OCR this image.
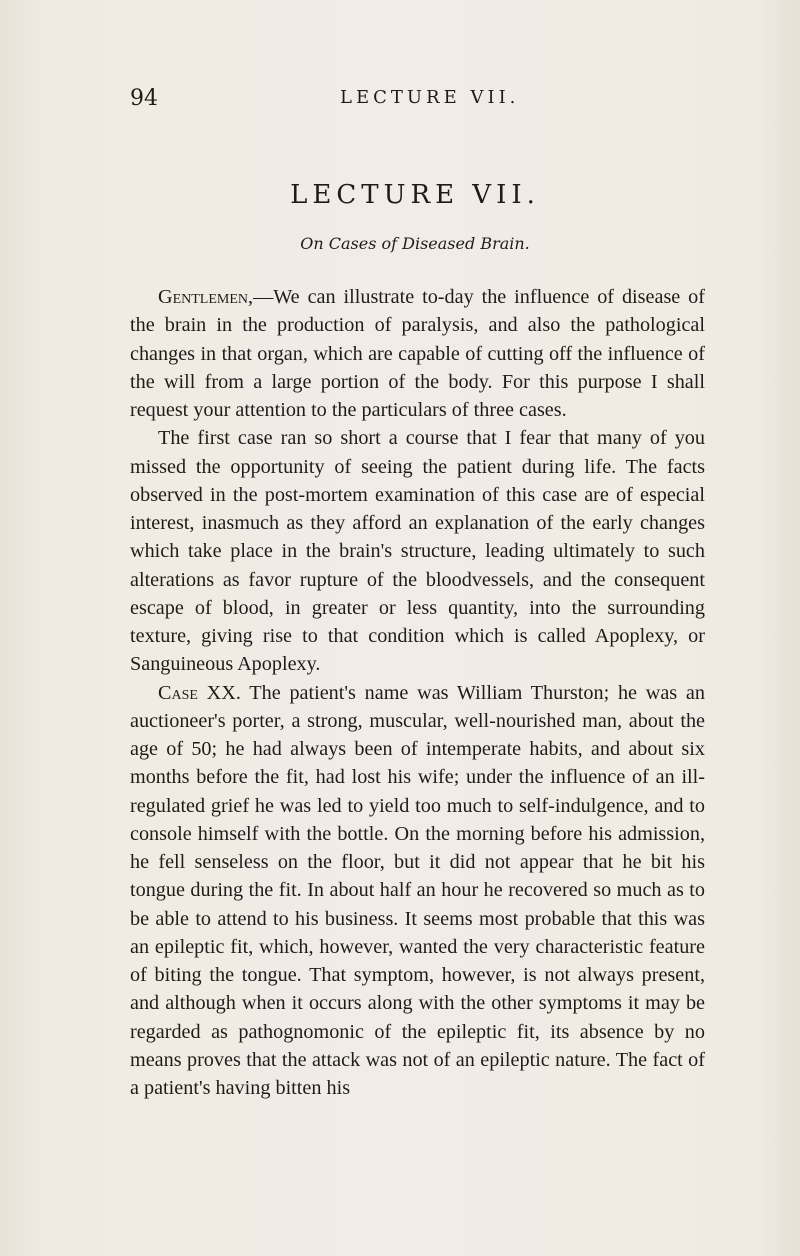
94	LECTURE VII.
LECTURE VII.
On Cases of Diseased Brain.

Gentlemen,—We can illustrate to-day the influence of disease of the brain in the production of paralysis, and also the pathological changes in that organ, which are capable of cutting off the influence of the will from a large portion of the body. For this purpose I shall request your attention to the particulars of three cases.

The first case ran so short a course that I fear that many of you missed the opportunity of seeing the patient during life. The facts observed in the post-mortem examination of this case are of especial interest, inasmuch as they afford an explanation of the early changes which take place in the brain's structure, leading ultimately to such alterations as favor rupture of the bloodvessels, and the consequent escape of blood, in greater or less quantity, into the surrounding texture, giving rise to that condition which is called Apoplexy, or Sanguineous Apoplexy.

Case XX. The patient's name was William Thurston; he was an auctioneer's porter, a strong, muscular, well-nourished man, about the age of 50; he had always been of intemperate habits, and about six months before the fit, had lost his wife; under the influence of an ill-regulated grief he was led to yield too much to self-indulgence, and to console himself with the bottle. On the morning before his admission, he fell senseless on the floor, but it did not appear that he bit his tongue during the fit. In about half an hour he recovered so much as to be able to attend to his business. It seems most probable that this was an epileptic fit, which, however, wanted the very characteristic feature of biting the tongue. That symptom, however, is not always present, and although when it occurs along with the other symptoms it may be regarded as pathognomonic of the epileptic fit, its absence by no means proves that the attack was not of an epileptic nature. The fact of a patient's having bitten his
